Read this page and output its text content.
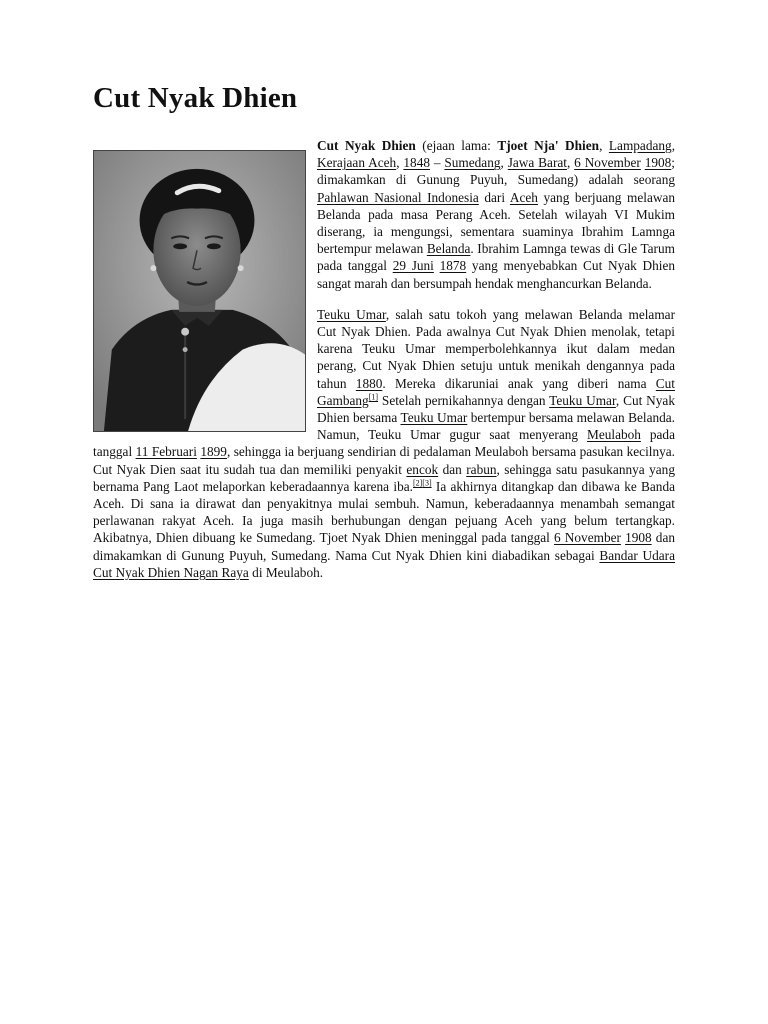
Cut Nyak Dhien

Cut Nyak Dhien (ejaan lama: Tjoet Nja' Dhien, Lampadang, Kerajaan Aceh, 1848 – Sumedang, Jawa Barat, 6 November 1908; dimakamkan di Gunung Puyuh, Sumedang) adalah seorang Pahlawan Nasional Indonesia dari Aceh yang berjuang melawan Belanda pada masa Perang Aceh. Setelah wilayah VI Mukim diserang, ia mengungsi, sementara suaminya Ibrahim Lamnga bertempur melawan Belanda. Ibrahim Lamnga tewas di Gle Tarum pada tanggal 29 Juni 1878 yang menyebabkan Cut Nyak Dhien sangat marah dan bersumpah hendak menghancurkan Belanda.

Teuku Umar, salah satu tokoh yang melawan Belanda melamar Cut Nyak Dhien. Pada awalnya Cut Nyak Dhien menolak, tetapi karena Teuku Umar memperbolehkannya ikut dalam medan perang, Cut Nyak Dhien setuju untuk menikah dengannya pada tahun 1880. Mereka dikaruniai anak yang diberi nama Cut Gambang[1] Setelah pernikahannya dengan Teuku Umar, Cut Nyak Dhien bersama Teuku Umar bertempur bersama melawan Belanda. Namun, Teuku Umar gugur saat menyerang Meulaboh pada tanggal 11 Februari 1899, sehingga ia berjuang sendirian di pedalaman Meulaboh bersama pasukan kecilnya. Cut Nyak Dien saat itu sudah tua dan memiliki penyakit encok dan rabun, sehingga satu pasukannya yang bernama Pang Laot melaporkan keberadaannya karena iba.[2][3] Ia akhirnya ditangkap dan dibawa ke Banda Aceh. Di sana ia dirawat dan penyakitnya mulai sembuh. Namun, keberadaannya menambah semangat perlawanan rakyat Aceh. Ia juga masih berhubungan dengan pejuang Aceh yang belum tertangkap. Akibatnya, Dhien dibuang ke Sumedang. Tjoet Nyak Dhien meninggal pada tanggal 6 November 1908 dan dimakamkan di Gunung Puyuh, Sumedang. Nama Cut Nyak Dhien kini diabadikan sebagai Bandar Udara Cut Nyak Dhien Nagan Raya di Meulaboh.
